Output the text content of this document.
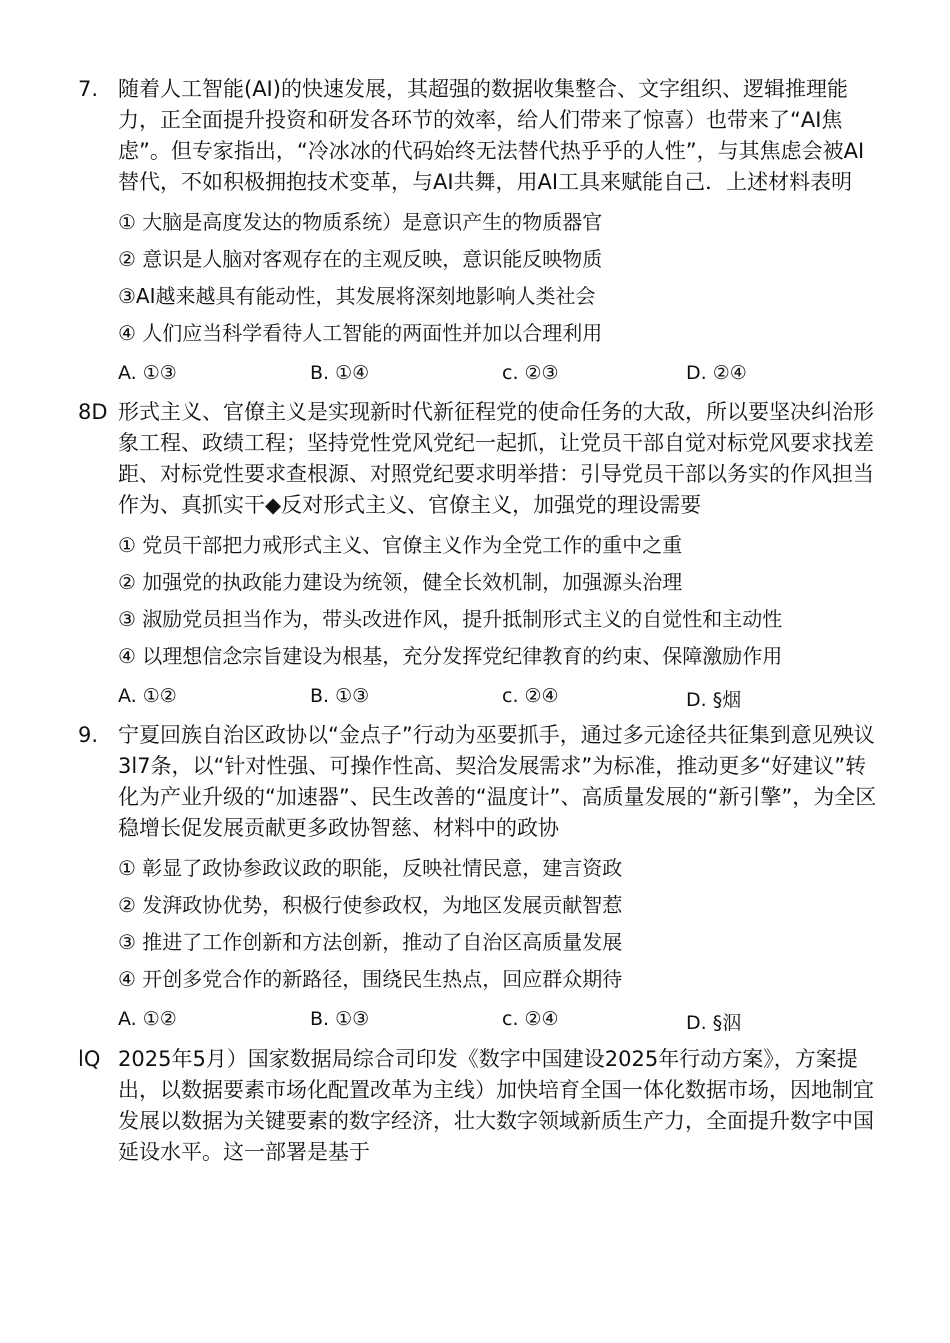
7. 随着人工智能(AI)的快速发展，其超强的数据收集整合、文字组织、逻辑推理能力，正全面提升投资和研发各环节的效率，给人们带来了惊喜）也带来了“AI焦虑”。但专家指出，“冷冰冰的代码始终无法替代热乎乎的人性”，与其焦虑会被AI替代，不如积极拥抱技术变革，与AI共舞，用AI工具来赋能自己．上述材料表明
① 大脑是高度发达的物质系统）是意识产生的物质器官
② 意识是人脑对客观存在的主观反映，意识能反映物质
③AI越来越具有能动性，其发展将深刻地影响人类社会
④ 人们应当科学看待人工智能的两面性并加以合理利用
A. ①③	B. ①④	c. ②③	D. ②④
8D 形式主义、官僚主义是实现新时代新征程党的使命任务的大敌，所以要坚决纠治形象工程、政绩工程；坚持党性党风党纪一起抓，让党员干部自觉对标党风要求找差距、对标党性要求查根源、对照党纪要求明举措：引导党员干部以务实的作风担当作为、真抓实干◆反对形式主义、官僚主义，加强党的理设需要
① 党员干部把力戒形式主义、官僚主义作为全党工作的重中之重
② 加强党的执政能力建设为统领，健全长效机制，加强源头治理
③ 淑励党员担当作为，带头改进作风，提升抵制形式主义的自觉性和主动性
④ 以理想信念宗旨建设为根基，充分发挥党纪律教育的约束、保障激励作用
A. ①②	B. ①③	c. ②④	D. §烟
9. 宁夏回族自治区政协以“金点子”行动为巫要抓手，通过多元途径共征集到意见殃议3l7条，以“针对性强、可操作性高、契洽发展需求”为标准，推动更多“好建议”转化为产业升级的“加速器”、民生改善的“温度计”、高质量发展的“新引擎”，为全区稳增长促发展贡献更多政协智慈、材料中的政协
① 彰显了政协参政议政的职能，反映社情民意，建言资政
② 发湃政协优势，积极行使参政权，为地区发展贡献智惹
③ 推进了工作创新和方法创新，推动了自治区高质量发展
④ 开创多党合作的新路径，围绕民生热点，回应群众期待
A. ①②	B. ①③	c. ②④	D. §泅
lQ 2025年5月）国家数据局综合司印发《数字中国建设2025年行动方案》，方案提出，以数据要素市场化配置改革为主线）加快培育全国一体化数据市场，因地制宜发展以数据为关键要素的数字经济，壮大数字领域新质生产力，全面提升数字中国延设水平。这一部署是基于
